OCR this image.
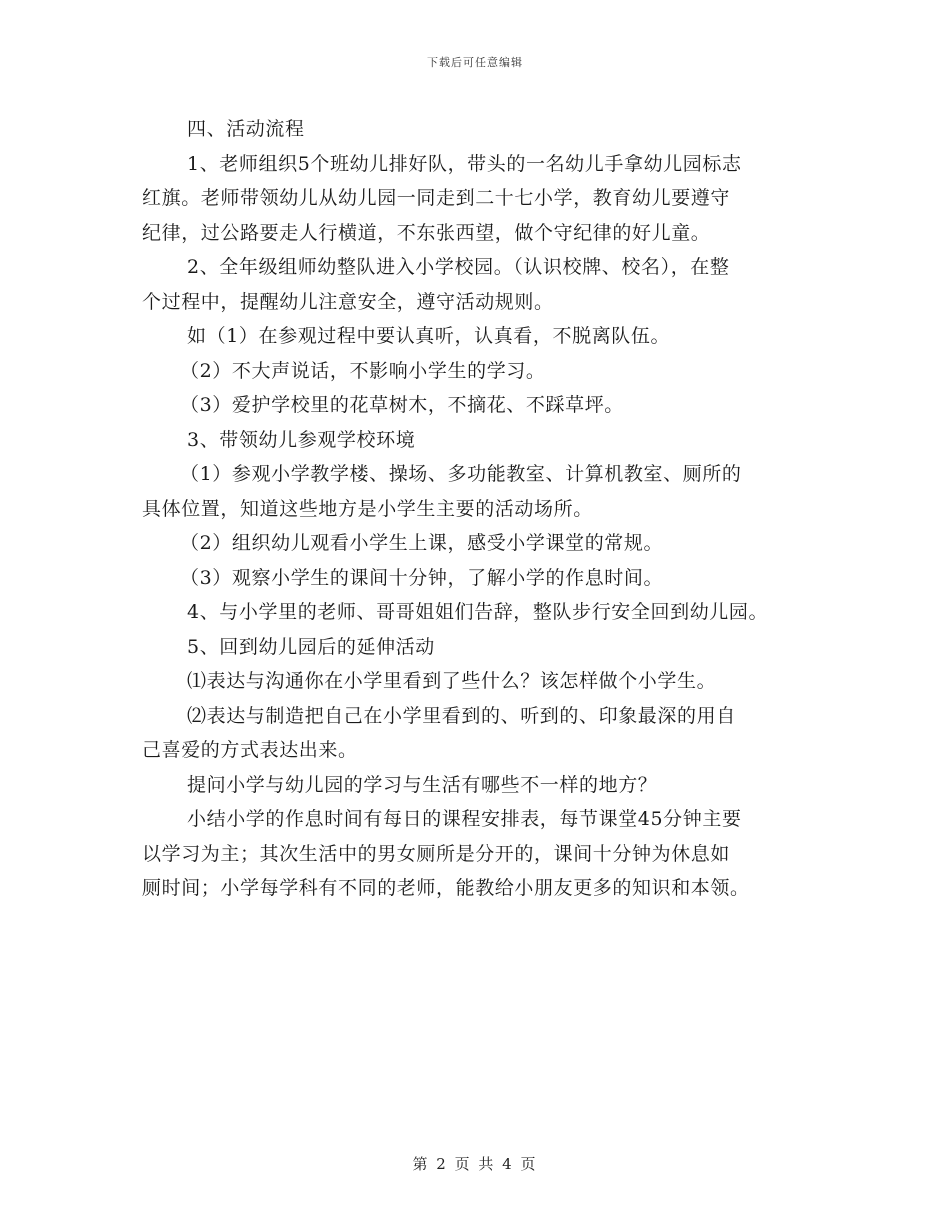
下载后可任意编辑
四、活动流程
1、老师组织5个班幼儿排好队，带头的一名幼儿手拿幼儿园标志
红旗。老师带领幼儿从幼儿园一同走到二十七小学，教育幼儿要遵守
纪律，过公路要走人行横道，不东张西望，做个守纪律的好儿童。
2、全年级组师幼整队进入小学校园。（认识校牌、校名），在整
个过程中，提醒幼儿注意安全，遵守活动规则。
如（1）在参观过程中要认真听，认真看，不脱离队伍。
（2）不大声说话，不影响小学生的学习。
（3）爱护学校里的花草树木，不摘花、不踩草坪。
3、带领幼儿参观学校环境
（1）参观小学教学楼、操场、多功能教室、计算机教室、厕所的
具体位置，知道这些地方是小学生主要的活动场所。
（2）组织幼儿观看小学生上课，感受小学课堂的常规。
（3）观察小学生的课间十分钟，了解小学的作息时间。
4、与小学里的老师、哥哥姐姐们告辞，整队步行安全回到幼儿园。
5、回到幼儿园后的延伸活动
⑴表达与沟通你在小学里看到了些什么？该怎样做个小学生。
⑵表达与制造把自己在小学里看到的、听到的、印象最深的用自
己喜爱的方式表达出来。
提问小学与幼儿园的学习与生活有哪些不一样的地方？
小结小学的作息时间有每日的课程安排表，每节课堂45分钟主要
以学习为主；其次生活中的男女厕所是分开的，课间十分钟为休息如
厕时间；小学每学科有不同的老师，能教给小朋友更多的知识和本领。
第 2 页 共 4 页
